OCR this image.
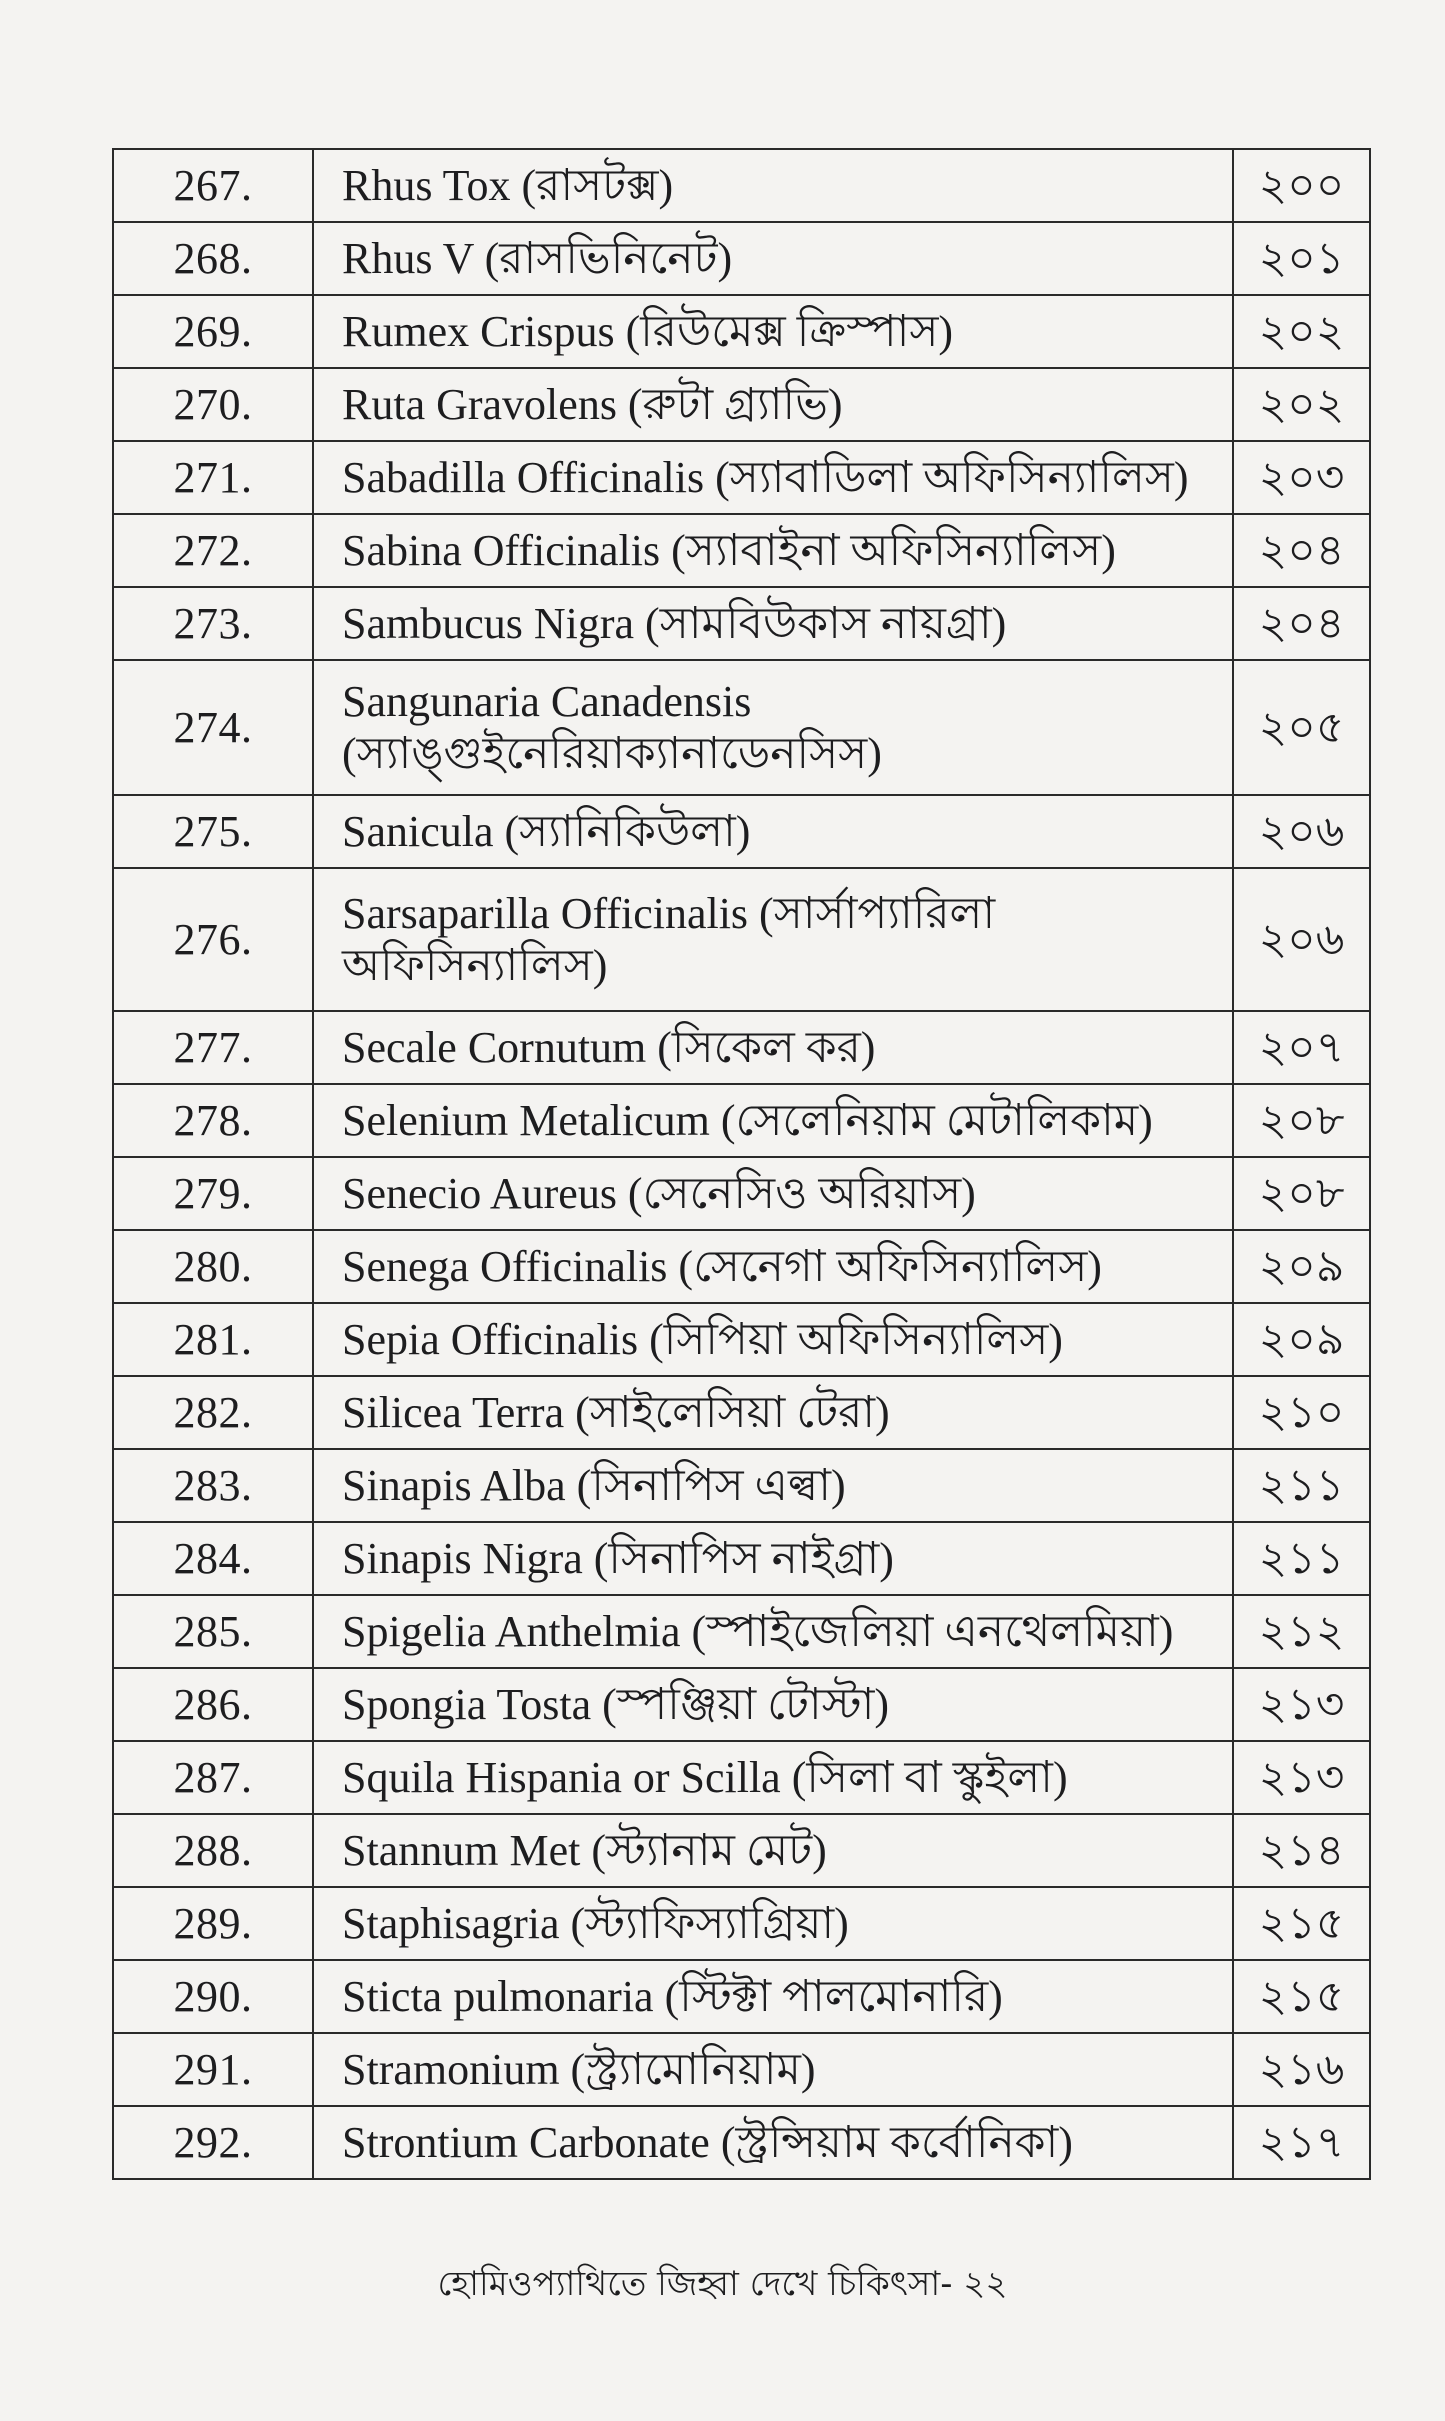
267.	Rhus Tox (রাসটক্স)	২০০
268.	Rhus V (রাসভিনিনেট)	২০১
269.	Rumex Crispus (রিউমেক্স ক্রিস্পাস)	২০২
270.	Ruta Gravolens (রুটা গ্র্যাভি)	২০২
271.	Sabadilla Officinalis (স্যাবাডিলা অফিসিন্যালিস)	২০৩
272.	Sabina Officinalis (স্যাবাইনা অফিসিন্যালিস)	২০৪
273.	Sambucus Nigra (সামবিউকাস নায়গ্রা)	২০৪
274.	Sangunaria Canadensis (স্যাঙ্গুইনেরিয়াক্যানাডেনসিস)	২০৫
275.	Sanicula (স্যানিকিউলা)	২০৬
276.	Sarsaparilla Officinalis (সার্সাপ্যারিলা অফিসিন্যালিস)	২০৬
277.	Secale Cornutum (সিকেল কর)	২০৭
278.	Selenium Metalicum (সেলেনিয়াম মেটালিকাম)	২০৮
279.	Senecio Aureus (সেনেসিও অরিয়াস)	২০৮
280.	Senega Officinalis (সেনেগা অফিসিন্যালিস)	২০৯
281.	Sepia Officinalis (সিপিয়া অফিসিন্যালিস)	২০৯
282.	Silicea Terra (সাইলেসিয়া টেরা)	২১০
283.	Sinapis Alba (সিনাপিস এল্বা)	২১১
284.	Sinapis Nigra (সিনাপিস নাইগ্রা)	২১১
285.	Spigelia Anthelmia (স্পাইজেলিয়া এনথেলমিয়া)	২১২
286.	Spongia Tosta (স্পঞ্জিয়া টোস্টা)	২১৩
287.	Squila Hispania or Scilla (সিলা বা স্কুইলা)	২১৩
288.	Stannum Met (স্ট্যানাম মেট)	২১৪
289.	Staphisagria (স্ট্যাফিস্যাগ্রিয়া)	২১৫
290.	Sticta pulmonaria (স্টিক্টা পালমোনারি)	২১৫
291.	Stramonium (স্ট্র্যামোনিয়াম)	২১৬
292.	Strontium Carbonate (স্ট্রন্সিয়াম কর্বোনিকা)	২১৭
হোমিওপ্যাথিতে জিহ্বা দেখে চিকিৎসা- ২২
